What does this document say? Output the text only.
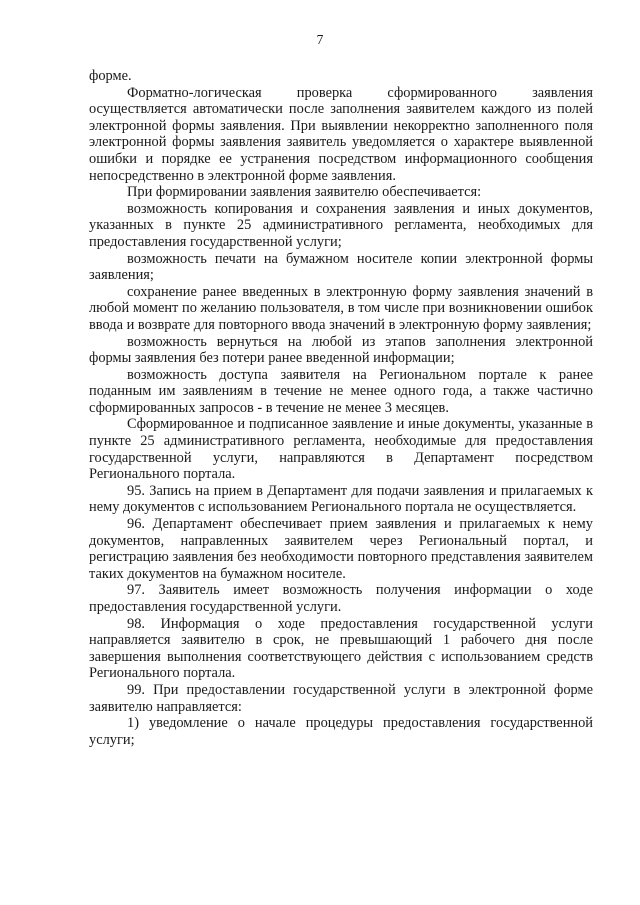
7

форме.

Форматно-логическая проверка сформированного заявления осуществляется автоматически после заполнения заявителем каждого из полей электронной формы заявления. При выявлении некорректно заполненного поля электронной формы заявления заявитель уведомляется о характере выявленной ошибки и порядке ее устранения посредством информационного сообщения непосредственно в электронной форме заявления.

При формировании заявления заявителю обеспечивается:

возможность копирования и сохранения заявления и иных документов, указанных в пункте 25 административного регламента, необходимых для предоставления государственной услуги;

возможность печати на бумажном носителе копии электронной формы заявления;

сохранение ранее введенных в электронную форму заявления значений в любой момент по желанию пользователя, в том числе при возникновении ошибок ввода и возврате для повторного ввода значений в электронную форму заявления;

возможность вернуться на любой из этапов заполнения электронной формы заявления без потери ранее введенной информации;

возможность доступа заявителя на Региональном портале к ранее поданным им заявлениям в течение не менее одного года, а также частично сформированных запросов - в течение не менее 3 месяцев.

Сформированное и подписанное заявление и иные документы, указанные в пункте 25 административного регламента, необходимые для предоставления государственной услуги, направляются в Департамент посредством Регионального портала.

95. Запись на прием в Департамент для подачи заявления и прилагаемых к нему документов с использованием Регионального портала не осуществляется.

96. Департамент обеспечивает прием заявления и прилагаемых к нему документов, направленных заявителем через Региональный портал, и регистрацию заявления без необходимости повторного представления заявителем таких документов на бумажном носителе.

97. Заявитель имеет возможность получения информации о ходе предоставления государственной услуги.

98. Информация о ходе предоставления государственной услуги направляется заявителю в срок, не превышающий 1 рабочего дня после завершения выполнения соответствующего действия с использованием средств Регионального портала.

99. При предоставлении государственной услуги в электронной форме заявителю направляется:

1) уведомление о начале процедуры предоставления государственной услуги;
